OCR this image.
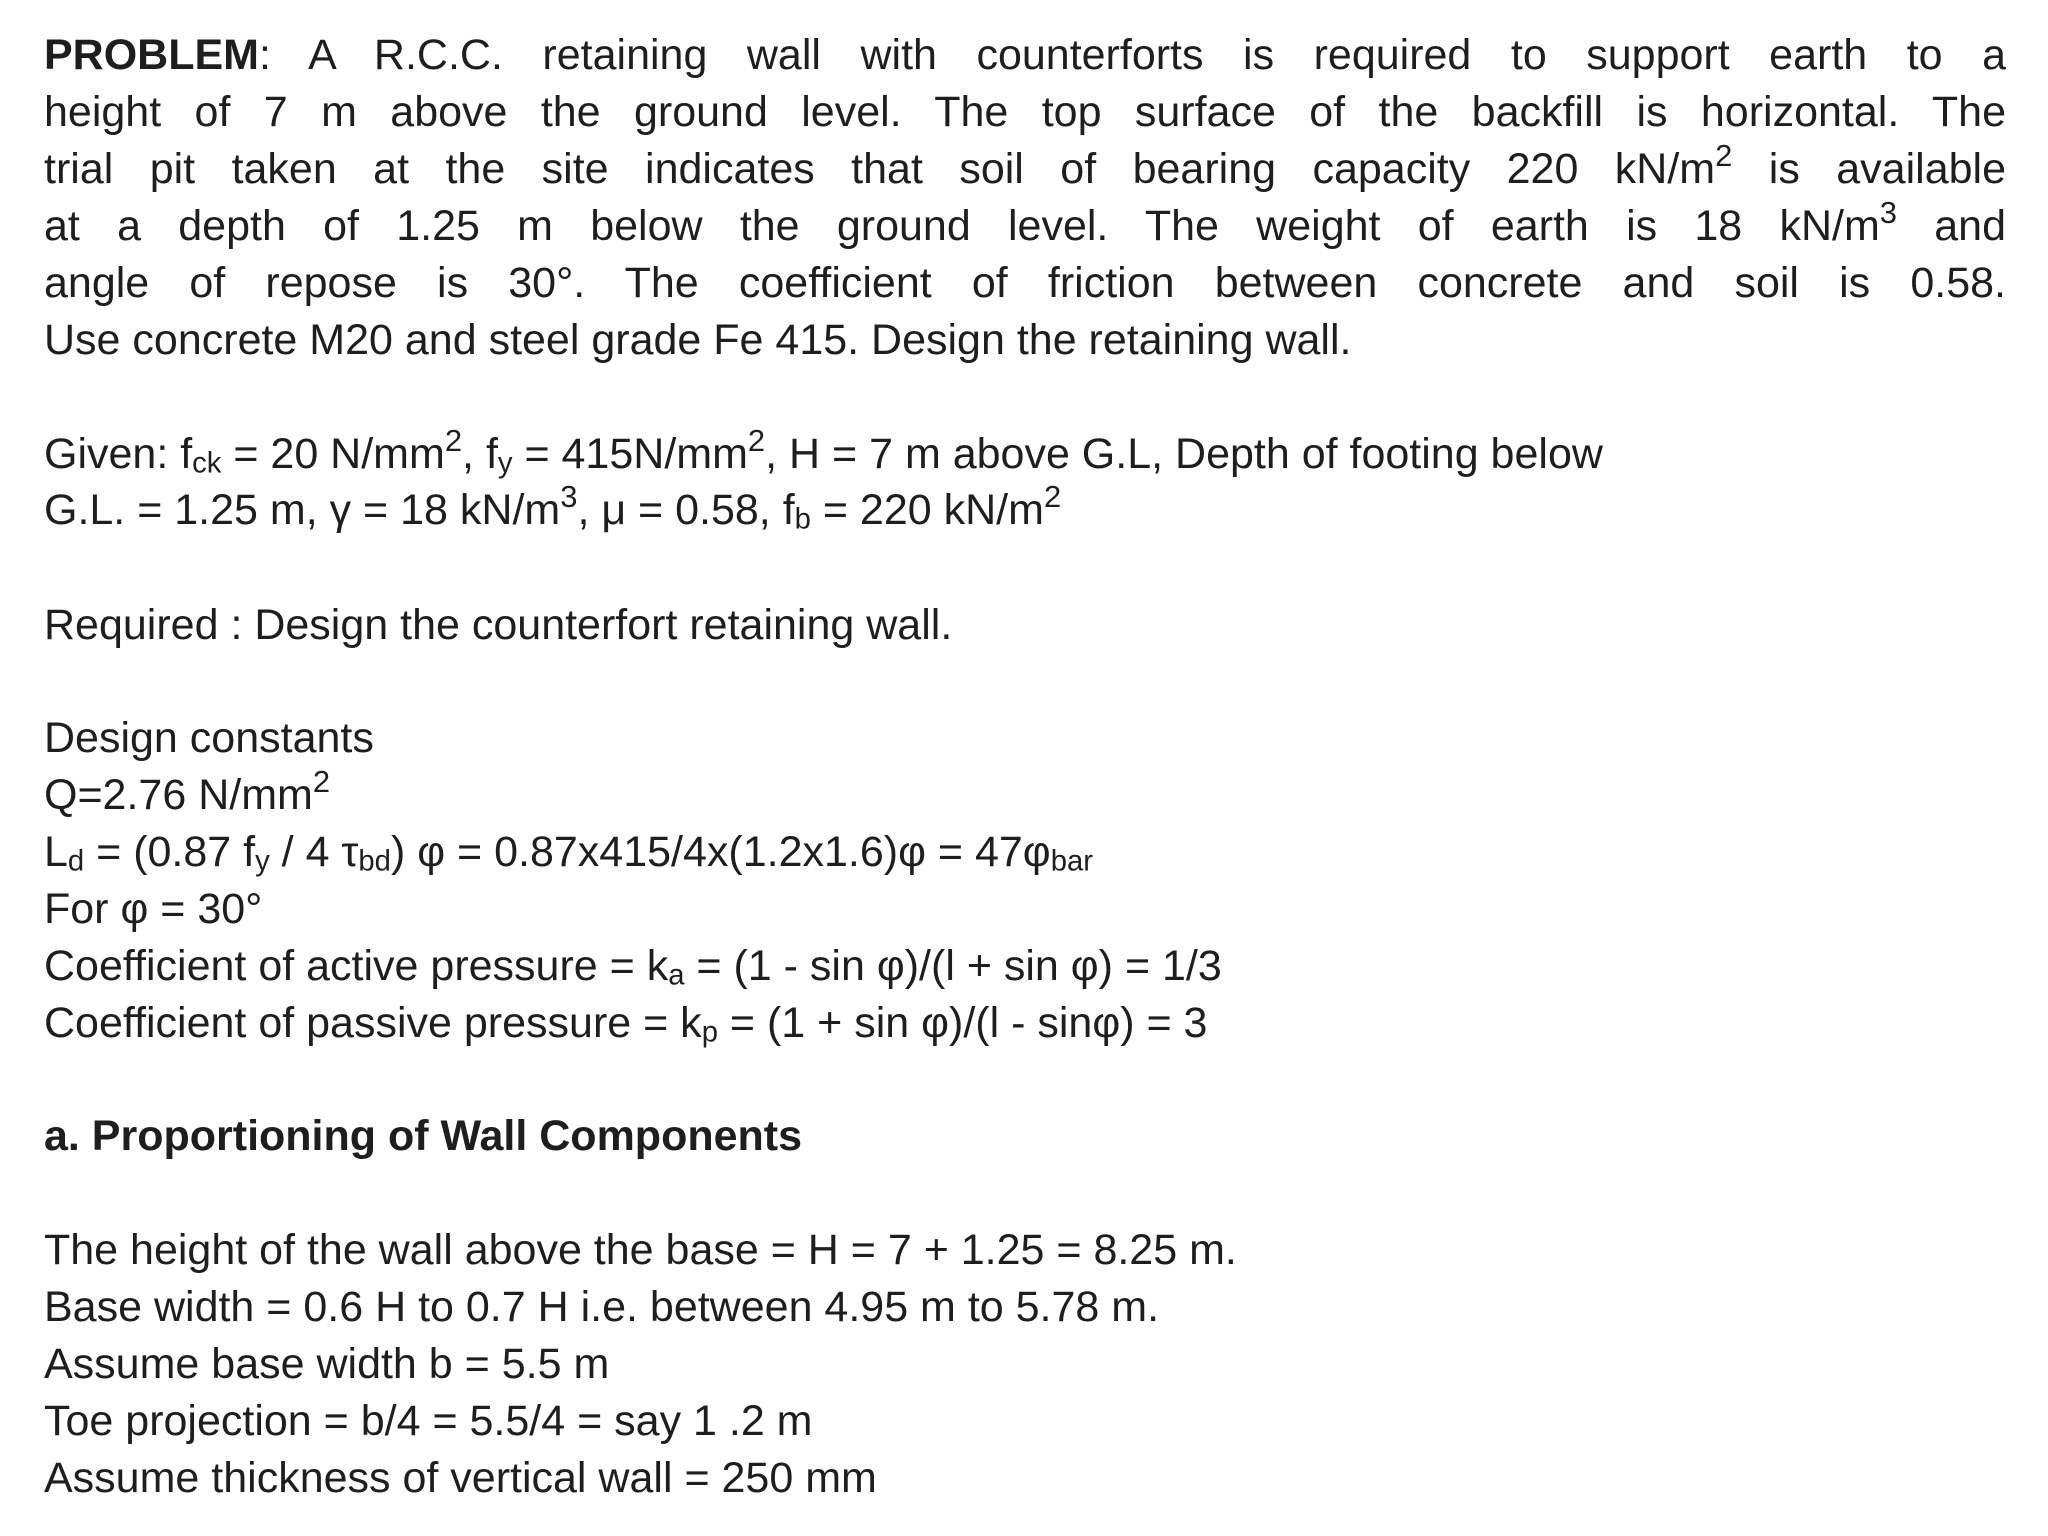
PROBLEM: A R.C.C. retaining wall with counterforts is required to support earth to a
height of 7 m above the ground level. The top surface of the backfill is horizontal. The
trial pit taken at the site indicates that soil of bearing capacity 220 $kN/m^2$ is available
at a depth of 1.25 m below the ground level. The weight of earth is 18 $kN/m^3$ and
angle of repose is 30°. The coefficient of friction between concrete and soil is 0.58.
Use concrete M20 and steel grade Fe 415. Design the retaining wall.
Given: $f_{ck} = 20$ $N/mm^2$, $f_y = 415N/mm^2$, H = 7 m above G.L, Depth of footing below
G.L. = 1.25 m, γ = 18 $kN/m^3$, μ = 0.58, $f_b = 220$ $kN/m^2$
Required : Design the counterfort retaining wall.
Design constants
Q=2.76 $N/mm^2$
$L_d = (0.87$ $f_y / 4$ $\tau_{bd}$) $\varphi = 0.87x415/4x(1.2x1.6)\varphi = 47\varphi_{bar}$
For φ = 30°
Coefficient of active pressure = $k_a = (1 - \sin \varphi)/(l + \sin \varphi) = 1/3$
Coefficient of passive pressure = $k_p = (1 + \sin \varphi)/(l - \sin\varphi) = 3$
a. Proportioning of Wall Components
The height of the wall above the base = H = 7 + 1.25 = 8.25 m.
Base width = 0.6 H to 0.7 H i.e. between 4.95 m to 5.78 m.
Assume base width b = 5.5 m
Toe projection = b/4 = 5.5/4 = say 1 .2 m
Assume thickness of vertical wall = 250 mm
